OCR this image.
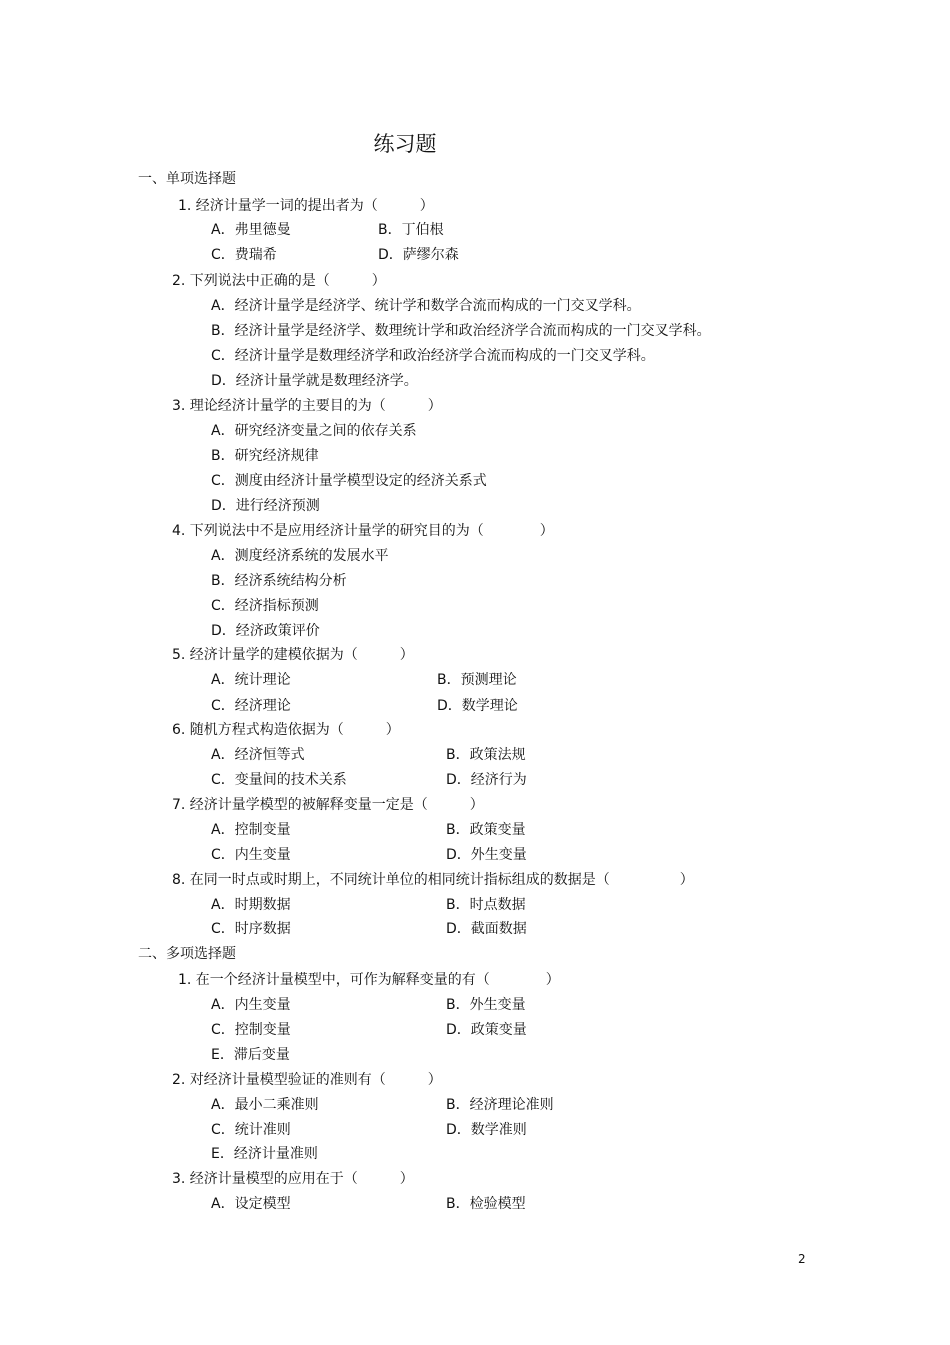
练习题
一、单项选择题
1. 经济计量学一词的提出者为（　　　）
A．弗里德曼	B．丁伯根
C．费瑞希	D．萨缪尔森
2. 下列说法中正确的是（　　　）
A．经济计量学是经济学、统计学和数学合流而构成的一门交叉学科。
B．经济计量学是经济学、数理统计学和政治经济学合流而构成的一门交叉学科。
C．经济计量学是数理经济学和政治经济学合流而构成的一门交叉学科。
D．经济计量学就是数理经济学。
3. 理论经济计量学的主要目的为（　　　）
A．研究经济变量之间的依存关系
B．研究经济规律
C．测度由经济计量学模型设定的经济关系式
D．进行经济预测
4. 下列说法中不是应用经济计量学的研究目的为（　　　　）
A．测度经济系统的发展水平
B．经济系统结构分析
C．经济指标预测
D．经济政策评价
5. 经济计量学的建模依据为（　　　）
A．统计理论	B．预测理论
C．经济理论	D．数学理论
6. 随机方程式构造依据为（　　　）
A．经济恒等式	B．政策法规
C．变量间的技术关系	D．经济行为
7. 经济计量学模型的被解释变量一定是（　　　）
A．控制变量	B．政策变量
C．内生变量	D．外生变量
8. 在同一时点或时期上，不同统计单位的相同统计指标组成的数据是（　　　　　）
A．时期数据	B．时点数据
C．时序数据	D．截面数据
二、多项选择题
1. 在一个经济计量模型中，可作为解释变量的有（　　　　）
A．内生变量	B．外生变量
C．控制变量	D．政策变量
E．滞后变量
2. 对经济计量模型验证的准则有（　　　）
A．最小二乘准则	B．经济理论准则
C．统计准则	D．数学准则
E．经济计量准则
3. 经济计量模型的应用在于（　　　）
A．设定模型	B．检验模型
2
